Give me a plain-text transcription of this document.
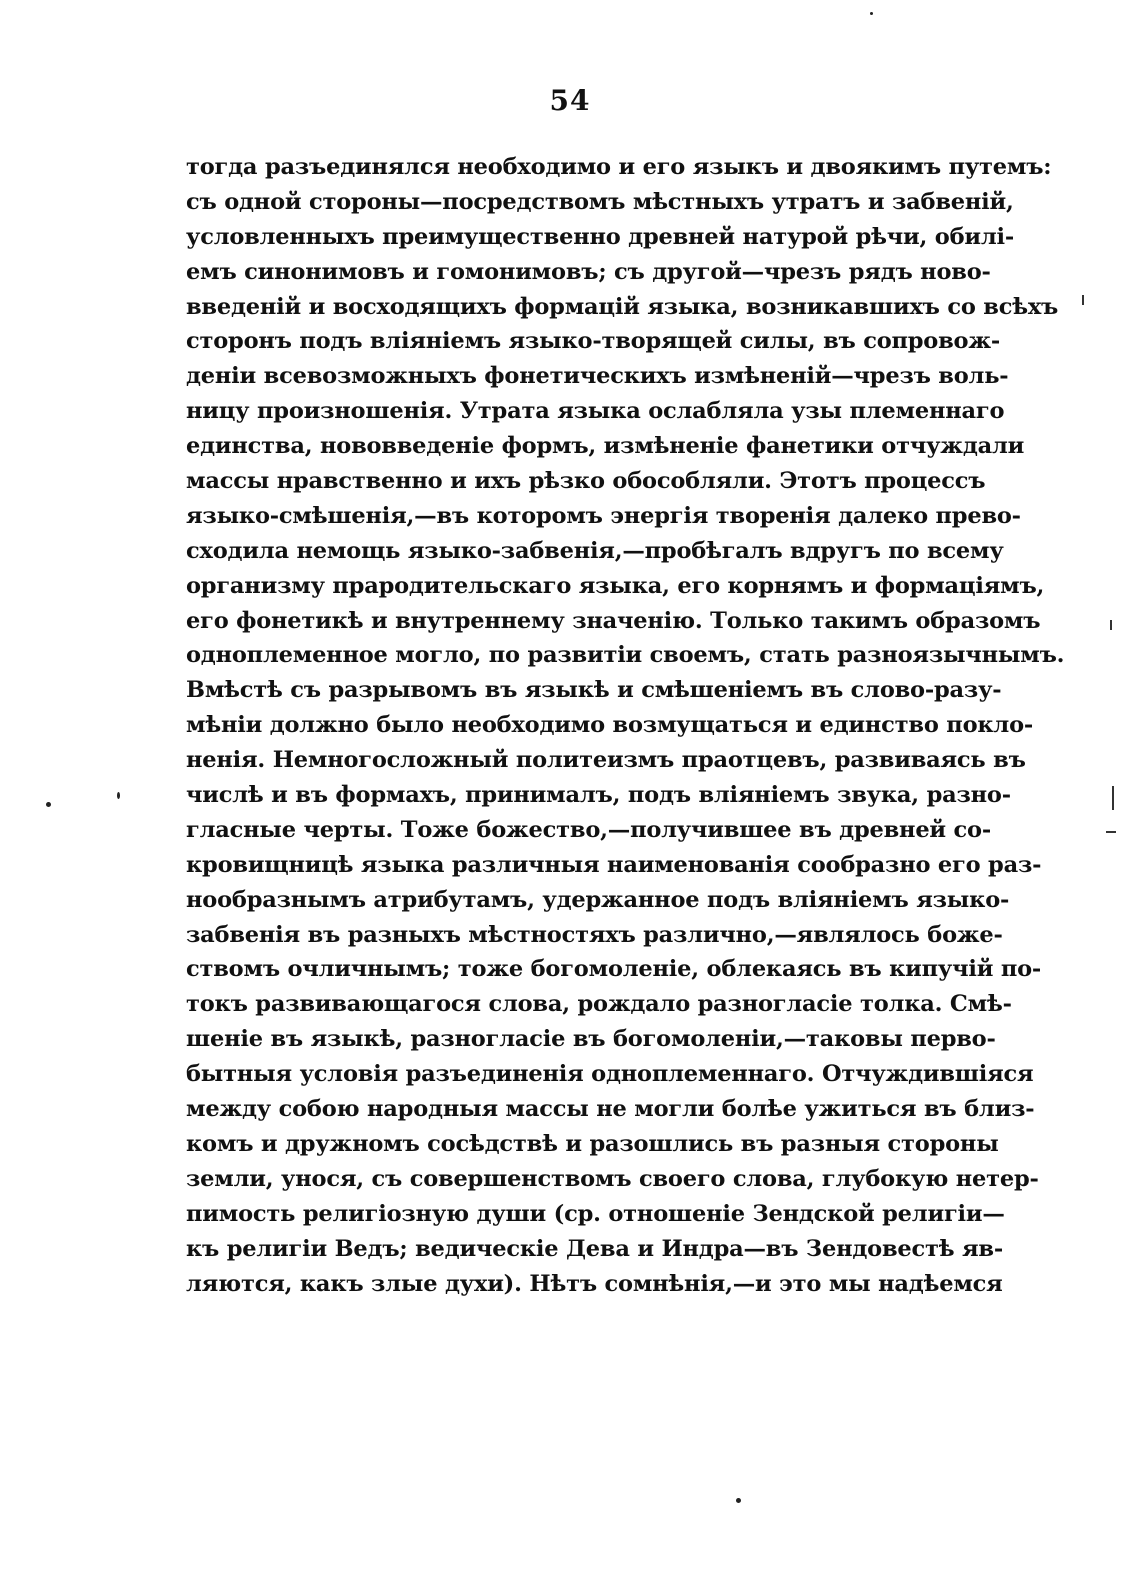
54
тогда разъединялся необходимо и его языкъ и двоякимъ путемъ:
съ одной стороны—посредствомъ мѣстныхъ утратъ и забвеній,
условленныхъ преимущественно древней натурой рѣчи, обилі-
емъ синонимовъ и гомонимовъ; съ другой—чрезъ рядъ ново-
введеній и восходящихъ формацій языка, возникавшихъ со всѣхъ
сторонъ подъ вліяніемъ языко-творящей силы, въ сопровож-
деніи всевозможныхъ фонетическихъ измѣненій—чрезъ воль-
ницу произношенія. Утрата языка ослабляла узы племеннаго
единства, нововведеніе формъ, измѣненіе фанетики отчуждали
массы нравственно и ихъ рѣзко обособляли. Этотъ процессъ
языко-смѣшенія,—въ которомъ энергія творенія далеко прево-
сходила немощь языко-забвенія,—пробѣгалъ вдругъ по всему
организму прародительскаго языка, его корнямъ и формаціямъ,
его фонетикѣ и внутреннему значенію. Только такимъ образомъ
одноплеменное могло, по развитіи своемъ, стать разноязычнымъ.
Вмѣстѣ съ разрывомъ въ языкѣ и смѣшеніемъ въ слово-разу-
мѣніи должно было необходимо возмущаться и единство покло-
ненія. Немногосложный политеизмъ праотцевъ, развиваясь въ
числѣ и въ формахъ, принималъ, подъ вліяніемъ звука, разно-
гласные черты. Тоже божество,—получившее въ древней со-
кровищницѣ языка различныя наименованія сообразно его раз-
нообразнымъ атрибутамъ, удержанное подъ вліяніемъ языко-
забвенія въ разныхъ мѣстностяхъ различно,—являлось боже-
ствомъ очличнымъ; тоже богомоленіе, облекаясь въ кипучій по-
токъ развивающагося слова, рождало разногласіе толка. Смѣ-
шеніе въ языкѣ, разногласіе въ богомоленіи,—таковы перво-
бытныя условія разъединенія одноплеменнаго. Отчуждившіяся
между собою народныя массы не могли болѣе ужиться въ близ-
комъ и дружномъ сосѣдствѣ и разошлись въ разныя стороны
земли, унося, съ совершенствомъ своего слова, глубокую нетер-
пимость религіозную души (ср. отношеніе Зендской религіи—
къ религіи Ведъ; ведическіе Дева и Индра—въ Зендовестѣ яв-
ляются, какъ злые духи). Нѣтъ сомнѣнія,—и это мы надѣемся
